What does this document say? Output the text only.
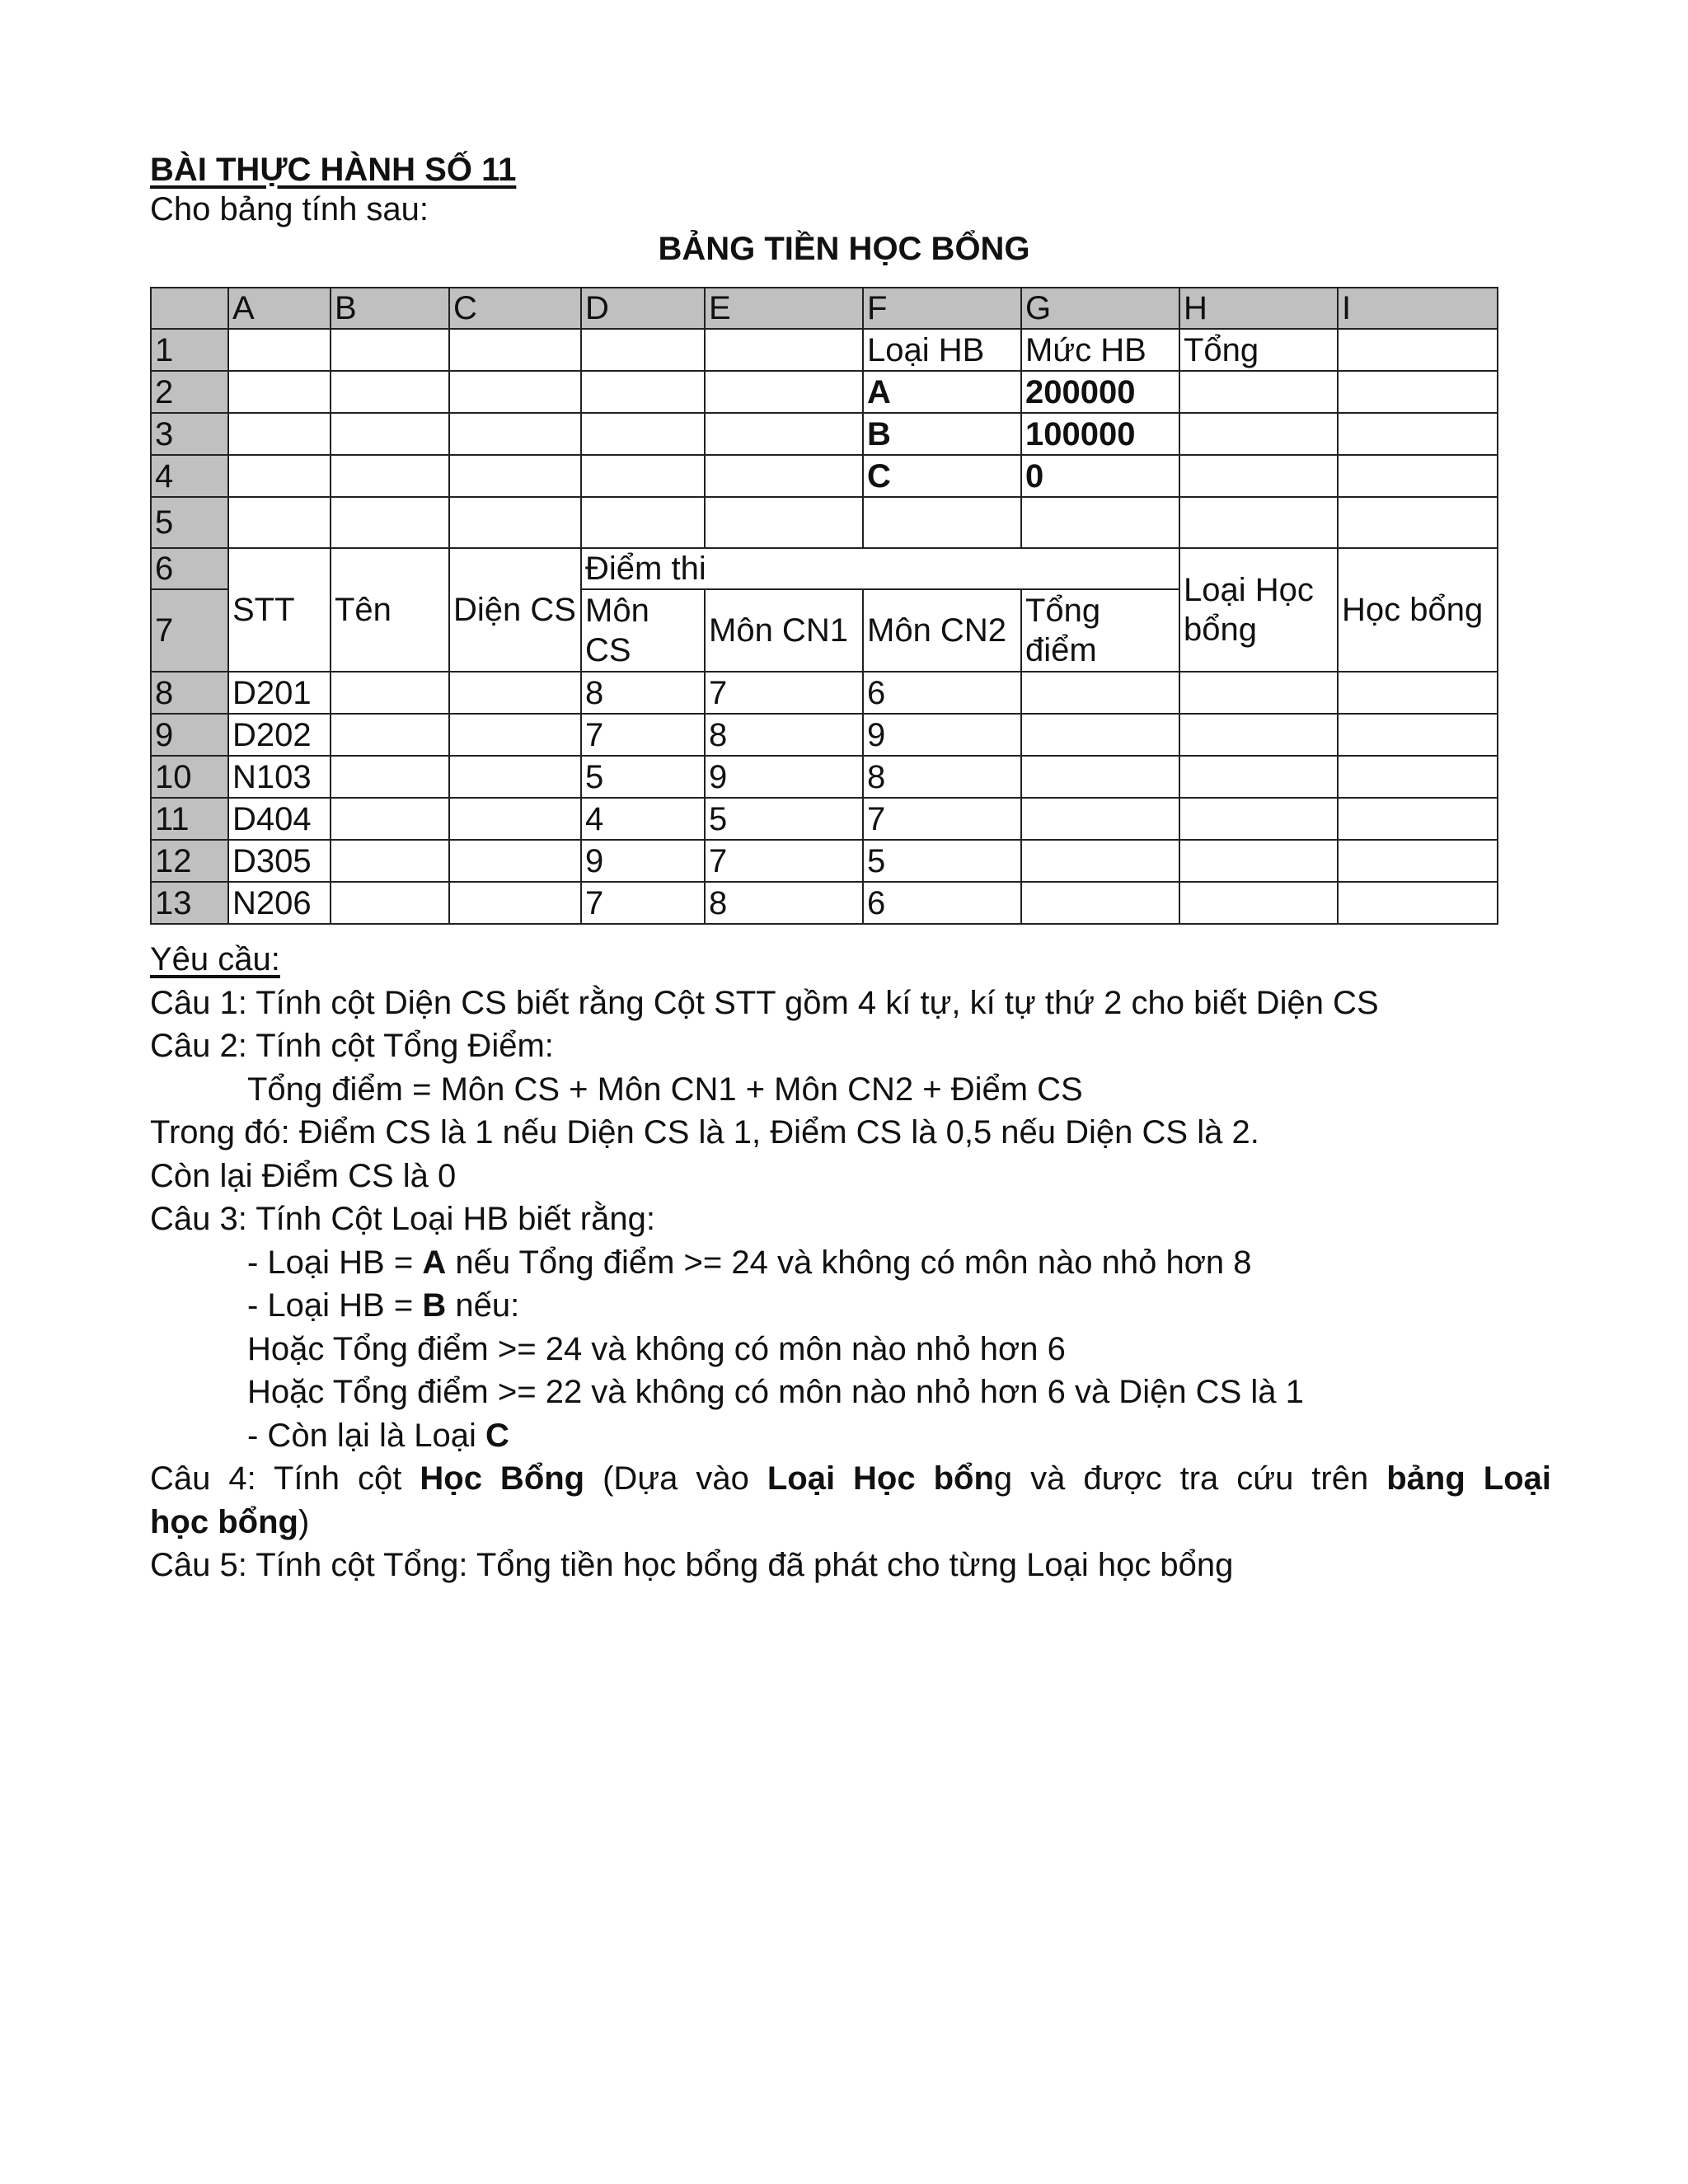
BÀI THỰC HÀNH SỐ 11

Cho bảng tính sau:

BẢNG TIỀN HỌC BỔNG

	A	B	C	D	E	F	G	H	I
1						Loại HB	Mức HB	Tổng	
2						A	200000		
3						B	100000		
4						C	0		
5									
6	STT	Tên	Diện CS	Điểm thi				Loại Học bổng	Học bổng
7				Môn CS	Môn CN1	Môn CN2	Tổng điểm		
8	D201			8	7	6			
9	D202			7	8	9			
10	N103			5	9	8			
11	D404			4	5	7			
12	D305			9	7	5			
13	N206			7	8	6			
Yêu cầu:
Câu 1: Tính cột Diện CS biết rằng Cột STT gồm 4 kí tự, kí tự thứ 2 cho biết Diện CS
Câu 2: Tính cột Tổng Điểm:
Tổng điểm = Môn CS + Môn CN1 + Môn CN2 + Điểm CS
Trong đó: Điểm CS là 1 nếu Diện CS là 1, Điểm CS là 0,5 nếu Diện CS là 2.
Còn lại Điểm CS là 0
Câu 3: Tính Cột Loại HB biết rằng:
- Loại HB = A nếu Tổng điểm >= 24 và không có môn nào nhỏ hơn 8
- Loại HB = B nếu:
Hoặc Tổng điểm >= 24 và không có môn nào nhỏ hơn 6
Hoặc Tổng điểm >= 22 và không có môn nào nhỏ hơn 6 và Diện CS là 1
- Còn lại là Loại C
Câu 4: Tính cột Học Bổng (Dựa vào Loại Học bổng và được tra cứu trên bảng Loại
học bổng)
Câu 5: Tính cột Tổng: Tổng tiền học bổng đã phát cho từng Loại học bổng
